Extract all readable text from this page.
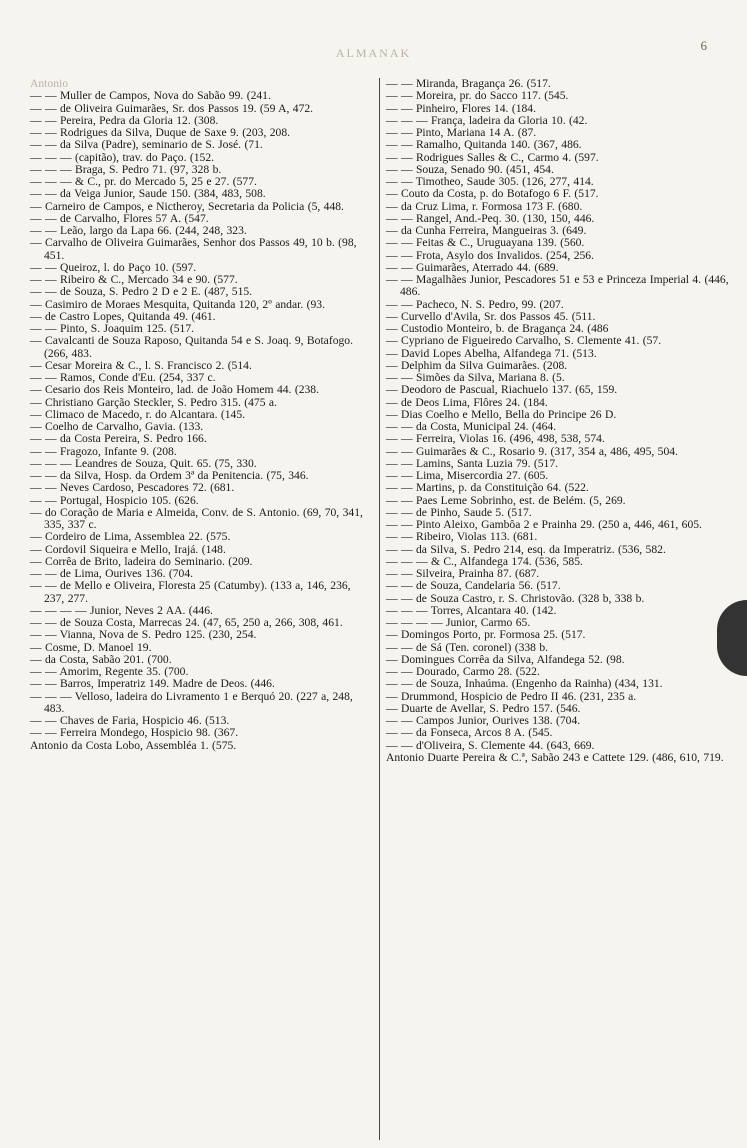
ALMANAK	6

Antonio

— — Muller de Campos, Nova do Sabão 99. (241.

— — de Oliveira Guimarães, Sr. dos Passos 19. (59 A, 472.

— — Pereira, Pedra da Gloria 12. (308.

— — Rodrigues da Silva, Duque de Saxe 9. (203, 208.

— — da Silva (Padre), seminario de S. José. (71.

— — — (capitão), trav. do Paço. (152.

— — — Braga, S. Pedro 71. (97, 328 b.

— — — & C., pr. do Mercado 5, 25 e 27. (577.

— — da Veiga Junior, Saude 150. (384, 483, 508.

— Carneiro de Campos, e Nictheroy, Secretaria da Policia (5, 448.

— — de Carvalho, Flores 57 A. (547.

— — Leão, largo da Lapa 66. (244, 248, 323.

— Carvalho de Oliveira Guimarães, Senhor dos Passos 49, 10 b. (98, 451.

— — Queiroz, l. do Paço 10. (597.

— — Ribeiro & C., Mercado 34 e 90. (577.

— — de Souza, S. Pedro 2 D e 2 E. (487, 515.

— Casimiro de Moraes Mesquita, Quitanda 120, 2º andar. (93.

— de Castro Lopes, Quitanda 49. (461.

— — Pinto, S. Joaquim 125. (517.

— Cavalcanti de Souza Raposo, Quitanda 54 e S. Joaq. 9, Botafogo. (266, 483.

— Cesar Moreira & C., l. S. Francisco 2. (514.

— — Ramos, Conde d'Eu. (254, 337 c.

— Cesario dos Reis Monteiro, lad. de João Homem 44. (238.

— Christiano Garção Steckler, S. Pedro 315. (475 a.

— Climaco de Macedo, r. do Alcantara. (145.

— Coelho de Carvalho, Gavia. (133.

— — da Costa Pereira, S. Pedro 166.

— — Fragozo, Infante 9. (208.

— — — Leandres de Souza, Quit. 65. (75, 330.

— — da Silva, Hosp. da Ordem 3ª da Penitencia. (75, 346.

— — Neves Cardoso, Pescadores 72. (681.

— — Portugal, Hospicio 105. (626.

— do Coração de Maria e Almeida, Conv. de S. Antonio. (69, 70, 341, 335, 337 c.

— Cordeiro de Lima, Assemblea 22. (575.

— Cordovil Siqueira e Mello, Irajá. (148.

— Corrêa de Brito, ladeira do Seminario. (209.

— — de Lima, Ourives 136. (704.

— — de Mello e Oliveira, Floresta 25 (Catumby). (133 a, 146, 236, 237, 277.

— — — — Junior, Neves 2 AA. (446.

— — de Souza Costa, Marrecas 24. (47, 65, 250 a, 266, 308, 461.

— — Vianna, Nova de S. Pedro 125. (230, 254.

— Cosme, D. Manoel 19.

— da Costa, Sabão 201. (700.

— — Amorim, Regente 35. (700.

— — Barros, Imperatriz 149. Madre de Deos. (446.

— — — Velloso, ladeira do Livramento 1 e Berquó 20. (227 a, 248, 483.

— — Chaves de Faria, Hospicio 46. (513.

— — Ferreira Mondego, Hospicio 98. (367.

Antonio da Costa Lobo, Assembléa 1. (575.

— — Miranda, Bragança 26. (517.

— — Moreira, pr. do Sacco 117. (545.

— — Pinheiro, Flores 14. (184.

— — — França, ladeira da Gloria 10. (42.

— — Pinto, Mariana 14 A. (87.

— — Ramalho, Quitanda 140. (367, 486.

— — Rodrigues Salles & C., Carmo 4. (597.

— — Souza, Senado 90. (451, 454.

— — Timotheo, Saude 305. (126, 277, 414.

— Couto da Costa, p. do Botafogo 6 F. (517.

— da Cruz Lima, r. Formosa 173 F. (680.

— — Rangel, And.-Peq. 30. (130, 150, 446.

— da Cunha Ferreira, Mangueiras 3. (649.

— — Feitas & C., Uruguayana 139. (560.

— — Frota, Asylo dos Invalidos. (254, 256.

— — Guimarães, Aterrado 44. (689.

— — Magalhães Junior, Pescadores 51 e 53 e Princeza Imperial 4. (446, 486.

— — Pacheco, N. S. Pedro, 99. (207.

— Curvello d'Avila, Sr. dos Passos 45. (511.

— Custodio Monteiro, b. de Bragança 24. (486

— Cypriano de Figueiredo Carvalho, S. Clemente 41. (57.

— David Lopes Abelha, Alfandega 71. (513.

— Delphim da Silva Guimarães. (208.

— — Simões da Silva, Mariana 8. (5.

— Deodoro de Pascual, Riachuelo 137. (65, 159.

— de Deos Lima, Flôres 24. (184.

— Dias Coelho e Mello, Bella do Principe 26 D.

— — da Costa, Municipal 24. (464.

— — Ferreira, Violas 16. (496, 498, 538, 574.

— — Guimarães & C., Rosario 9. (317, 354 a, 486, 495, 504.

— — Lamins, Santa Luzia 79. (517.

— — Lima, Misercordia 27. (605.

— — Martins, p. da Constituição 64. (522.

— — Paes Leme Sobrinho, est. de Belém. (5, 269.

— — de Pinho, Saude 5. (517.

— — Pinto Aleixo, Gambôa 2 e Prainha 29. (250 a, 446, 461, 605.

— — Ribeiro, Violas 113. (681.

— — da Silva, S. Pedro 214, esq. da Imperatriz. (536, 582.

— — — & C., Alfandega 174. (536, 585.

— — Silveira, Prainha 87. (687.

— — de Souza, Candelaria 56. (517.

— — de Souza Castro, r. S. Christovão. (328 b, 338 b.

— — — Torres, Alcantara 40. (142.

— — — — Junior, Carmo 65.

— Domingos Porto, pr. Formosa 25. (517.

— — de Sá (Ten. coronel) (338 b.

— Domingues Corrêa da Silva, Alfandega 52. (98.

— — Dourado, Carmo 28. (522.

— — de Souza, Inhaúma. (Engenho da Rainha) (434, 131.

— Drummond, Hospicio de Pedro II 46. (231, 235 a.

— Duarte de Avellar, S. Pedro 157. (546.

— — Campos Junior, Ourives 138. (704.

— — da Fonseca, Arcos 8 A. (545.

— — d'Oliveira, S. Clemente 44. (643, 669.

Antonio Duarte Pereira & C.ª, Sabão 243 e Cattete 129. (486, 610, 719.
